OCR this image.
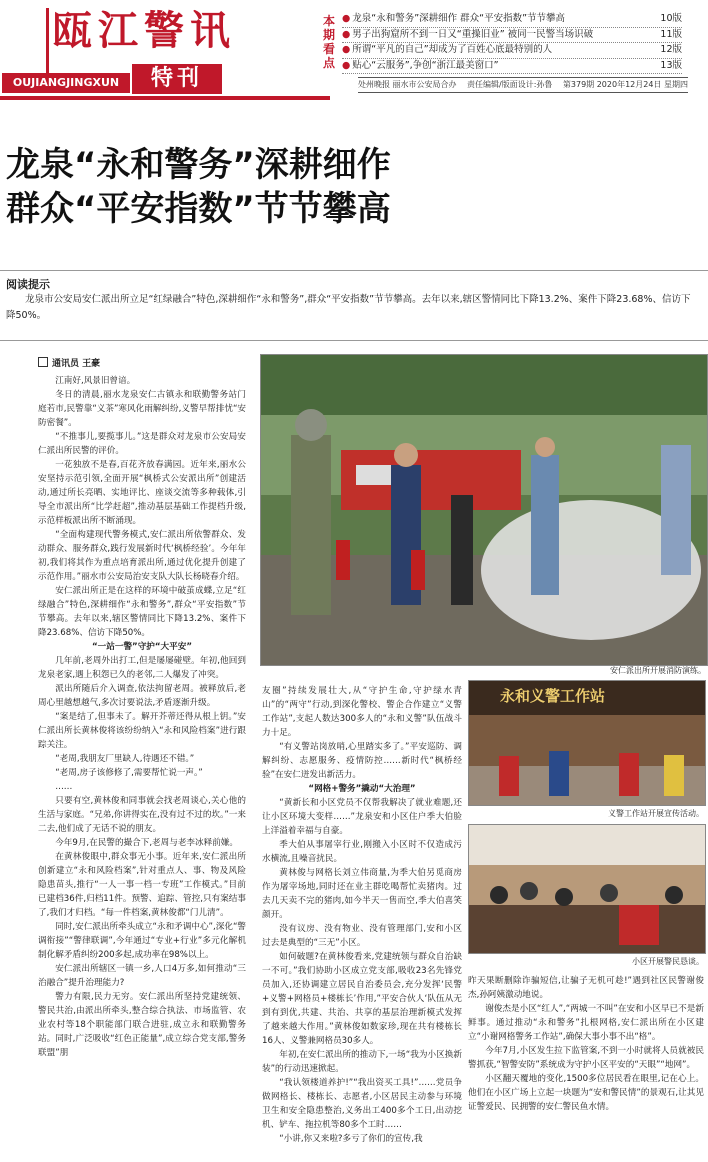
瓯江警讯
OUJIANGJINGXUN	特刊
本期看点
● 龙泉“永和警务”深耕细作 群众“平安指数”节节攀高	10版
● 男子出狗窟所不到一日又“重操旧业” 被同一民警当场识破	11版
● 所谓“平凡的自己”却成为了百姓心底最特别的人	12版
● 贴心“云服务”,争创“浙江最美窗口”	13版
处州晚报 丽水市公安局合办 责任编辑/版面设计:孙鲁 第379期 2020年12月24日 星期四
龙泉“永和警务”深耕细作
群众“平安指数”节节攀高
阅读提示
龙泉市公安局安仁派出所立足“红绿融合”特色,深耕细作“永和警务”,群众“平安指数”节节攀高。去年以来,辖区警情同比下降13.2%、案件下降23.68%、信访下降50%。
通讯员 王豪

江南好,风景旧曾谙。

冬日的清晨,丽水龙泉安仁古镇永和联勤警务站门庭若市,民警靠“义茶”寒风化雨解纠纷,义警早帮排忧“安防密餐”。

“不推事儿,要揽事儿。”这是群众对龙泉市公安局安仁派出所民警的评价。

一花独放不是春,百花齐放春满园。近年来,丽水公安坚持示范引领,全面开展“枫桥式公安派出所”创建活动,通过所长亮晒、实地评比、座谈交流等多种载体,引导全市派出所“比学赶超”,推动基层基础工作提档升级,示范样板派出所不断涌现。

“全面构建现代警务模式,安仁派出所依警群众、发动群众、服务群众,践行发展新时代‘枫桥经验’。今年年初,我们将其作为重点培育派出所,通过优化提升创建了示范作用。”丽水市公安局治安支队大队长杨晓春介绍。

安仁派出所正是在这样的环境中破茧成蝶,立足“红绿融合”特色,深耕细作“永和警务”,群众“平安指数”节节攀高。去年以来,辖区警情同比下降13.2%、案件下降23.68%、信访下降50%。

“一站一警”守护“大平安”

几年前,老周外出打工,但是屡屡碰壁。年初,他回到龙泉老家,遇上积怨已久的老邻,二人爆发了冲突。

派出所随后介入调查,依法拘留老周。被释放后,老周心里越想越气,多次讨要说法,矛盾逐渐升级。

“案是结了,但事未了。解开芥蒂还得从根上钥。”安仁派出所长黄林俊将该纷纷纳入“永和风险档案”进行跟踪关注。

“老周,我朋友厂里缺人,待遇还不错。”

“老周,房子该修修了,需要帮忙说一声。”

……

只要有空,黄林俊和同事就会找老周谈心,关心他的生活与家庭。“兄弟,你讲得实在,没有过不过的坎。”一来二去,他们成了无话不说的朋友。

今年9月,在民警的撮合下,老周与老李冰释前嫌。

在黄林俊眼中,群众事无小事。近年来,安仁派出所创新建立“永和风险档案”,针对重点人、事、物及风险隐患苗头,推行“一人一事一档一专班”工作模式。”目前已建档36件,归档11件。预警、追踪、管控,只有案结事了,我们才归档。“每一件档案,黄林俊都“门儿清”。

同时,安仁派出所牵头成立“永和矛调中心”,深化“警调衔接”“警律联调”,今年通过“专业+行业”多元化解机制化解矛盾纠纷200多起,成功率在98%以上。

安仁派出所辖区一镇一乡,人口4万多,如何推动“三治融合”提升治理能力?

警力有限,民力无穷。安仁派出所坚持党建统领、警民共治,由派出所牵头,整合综合执法、市场监管、农业农村等18个职能部门联合进驻,成立永和联勤警务站。同时,广泛吸收“红色正能量”,成立综合党支部,警务联盟”朋

安仁派出所开展消防演练。

友圈”持续发展壮大,从“守护生命,守护绿水青山”的“两守”行动,到深化警校、警企合作建立“义警工作站”,支起人数达300多人的“永和义警”队伍战斗力十足。

“有义警站岗放哨,心里踏实多了。”平安巡防、调解纠纷、志愿服务、疫情防控……新时代“枫桥经验”在安仁迸发出新活力。

“网格+警务”撬动“大治理”

“黄新长和小区党员不仅帮我解决了就业难题,还让小区环境大变样……”龙泉安和小区住户季大伯脸上洋溢着幸福与自豪。

季大伯从事屠宰行业,刚搬入小区时不仅造成污水横流,且噪音扰民。

黄林俊与网格长刘立伟商量,为季大伯另觅商房作为屠宰场地,同时还在业主群吃喝帮忙卖猪肉。过去几天卖不完的猪肉,如今半天一售而空,季大伯喜笑颜开。

没有议房、没有物业、没有管理部门,安和小区过去是典型的“三无”小区。

如何破题?在黄林俊看来,党建统领与群众自治缺一不可。”我们协助小区成立党支部,吸收23名先锋党员加入,还协调建立居民自治委员会,充分发挥‘民警+义警+网格员+楼栋长’作用,”平安合伙人‘队伍从无到有到优,共建、共治、共享的基层治理新模式发挥了越来越大作用。”黄林俊如数家珍,现在共有楼栋长16人、义警兼网格员30多人。

年初,在安仁派出所的推动下,一场“我为小区换新装”的行动迅速掀起。

“我认领楼道养护!”“我出资买工具!”……党员争做网格长、楼栋长、志愿者,小区居民主动参与环境卫生和安全隐患整治,义务出工400多个工日,出动挖机、铲车、拖拉机等80多个工时……

“小讲,你又来啦?多亏了你们的宣传,我

永和义警工作站
义警工作站开展宣传活动。
小区开展警民恳谈。

昨天果断删除诈骗短信,让骗子无机可趁!”遇到社区民警谢俊杰,孙阿姨激动地说。

谢俊杰是小区“红人”,“两城一不叫”在安和小区早已不是新鲜事。通过推动“永和警务”扎根网格,安仁派出所在小区建立“小谢网格警务工作站”,确保大事小事不出“格”。

今年7月,小区发生拉下监管案,不到一小时就将人员就被民警抓获,“智警安防”系统成为守护小区平安的“天眼”“地网”。

小区翻天覆地的变化,1500多位居民看在眼里,记在心上。他们在小区广场上立起一块题为“安和警民情”的景观石,让其见证警爱民、民拥警的安仁警民鱼水情。
